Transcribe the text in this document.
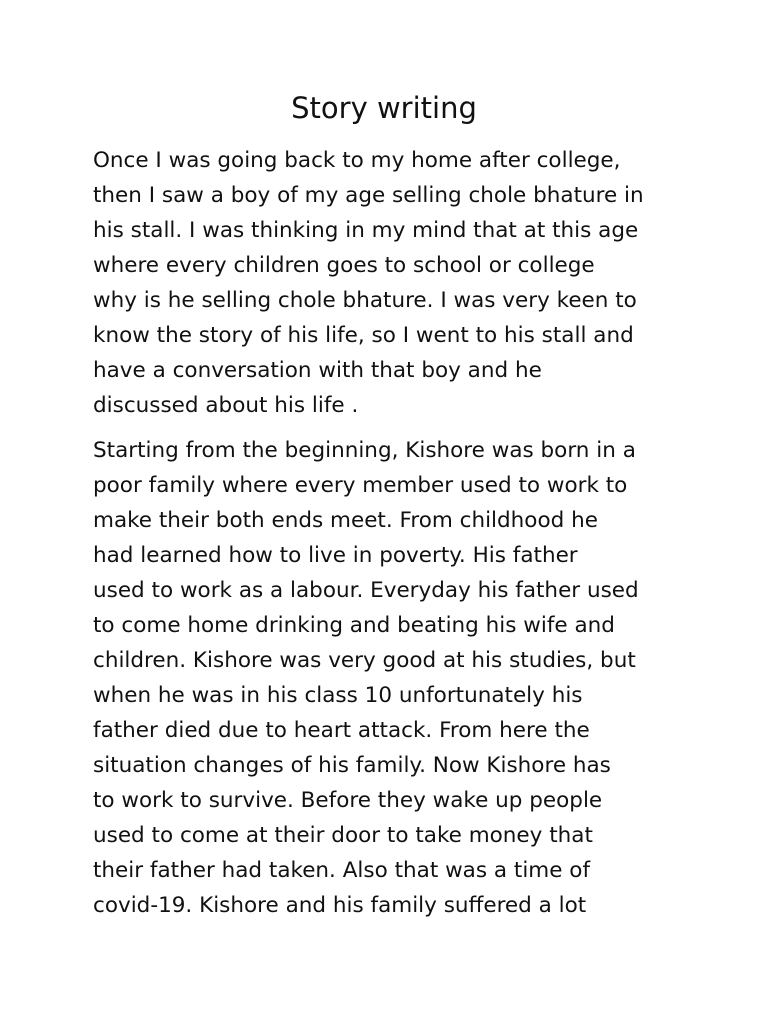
Story writing

Once I was going back to my home after college,
then I saw a boy of my age selling chole bhature in
his stall. I was thinking in my mind that at this age
where every children goes to school or college
why is he selling chole bhature. I was very keen to
know the story of his life, so I went to his stall and
have a conversation with that boy and he
discussed about his life .

Starting from the beginning, Kishore was born in a
poor family where every member used to work to
make their both ends meet. From childhood he
had learned how to live in poverty. His father
used to work as a labour. Everyday his father used
to come home drinking and beating his wife and
children. Kishore was very good at his studies, but
when he was in his class 10 unfortunately his
father died due to heart attack. From here the
situation changes of his family. Now Kishore has
to work to survive. Before they wake up people
used to come at their door to take money that
their father had taken. Also that was a time of
covid-19. Kishore and his family suffered a lot
